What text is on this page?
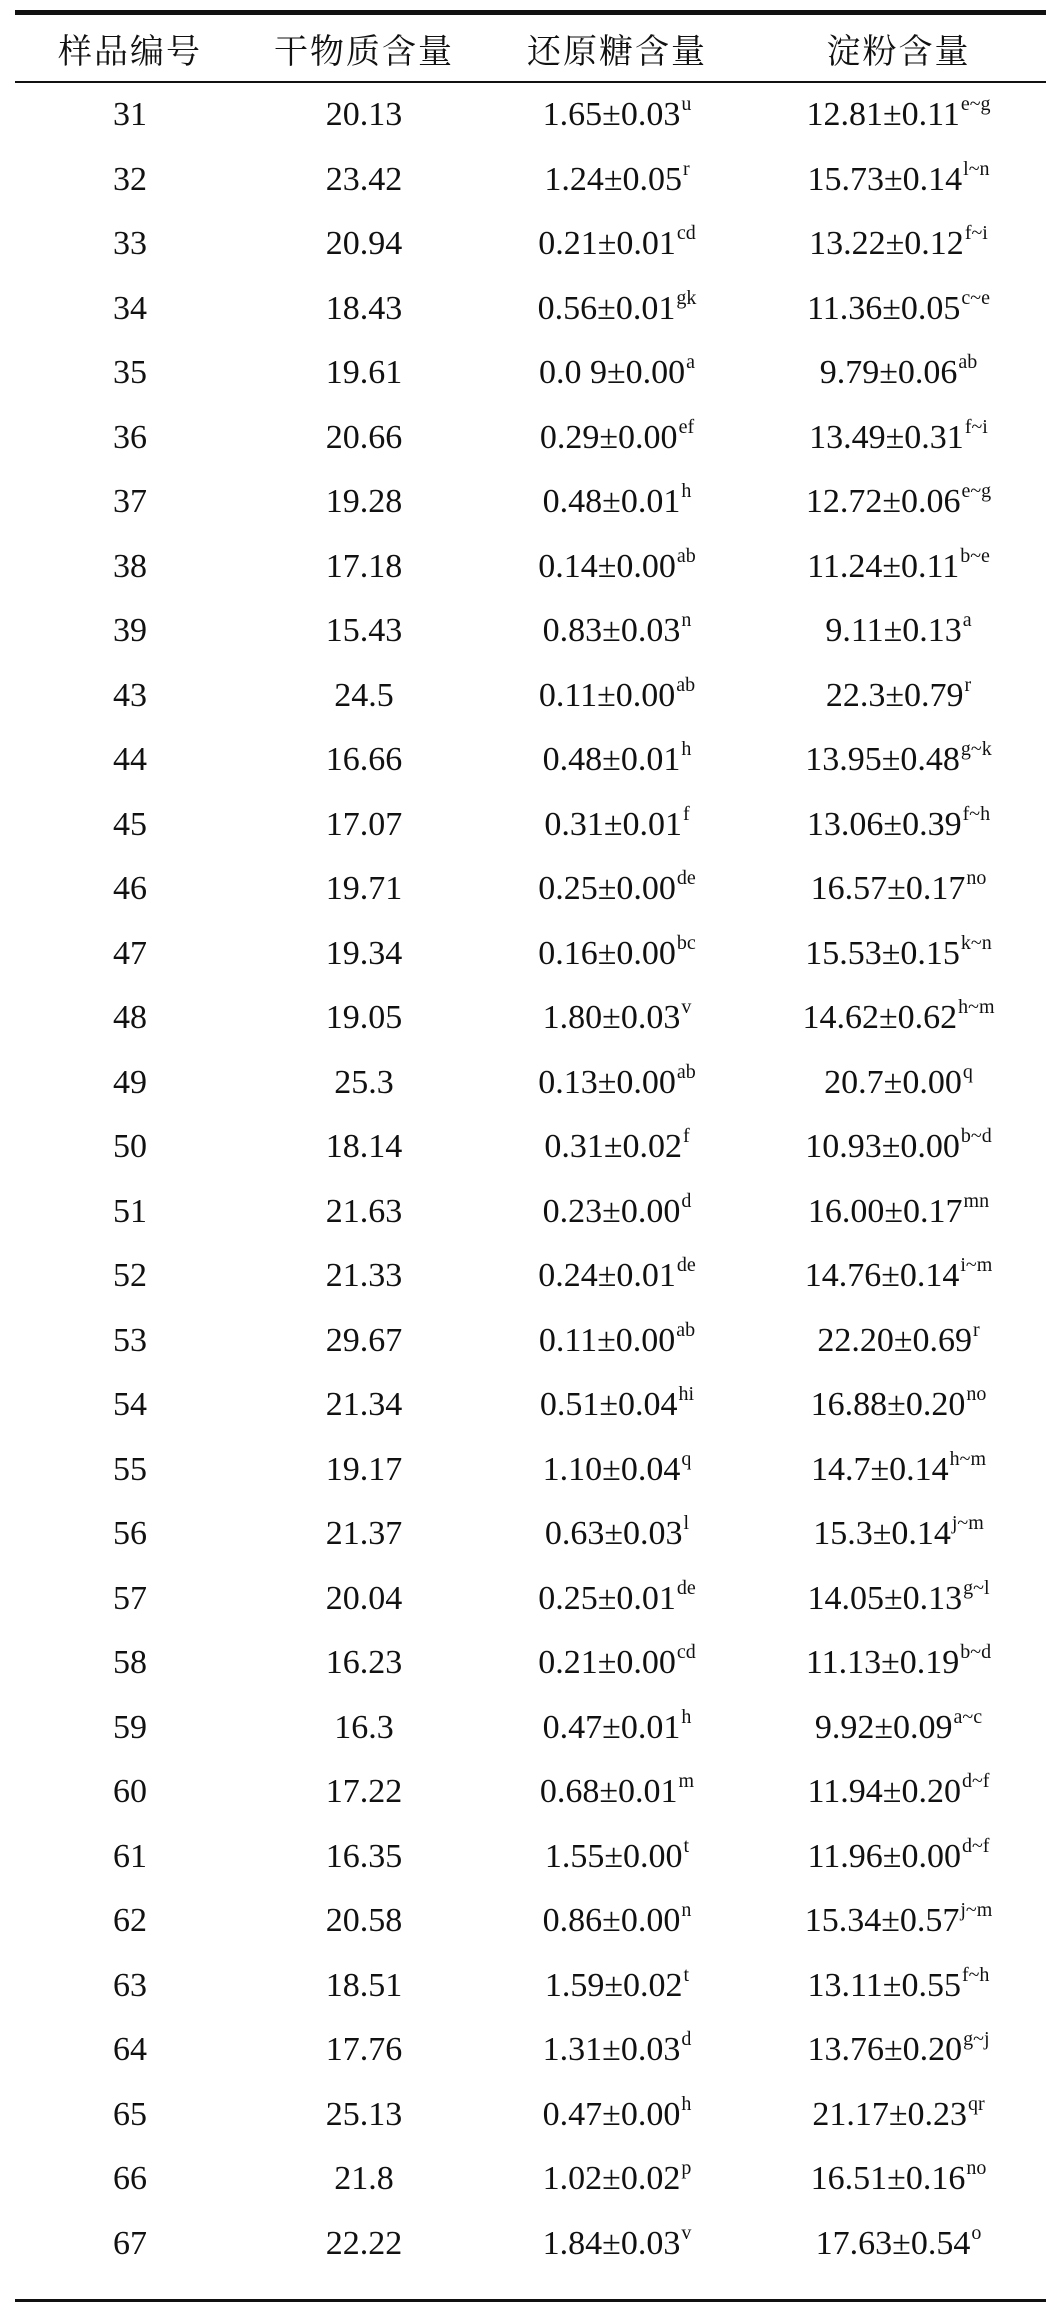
样品编号	干物质含量	还原糖含量	淀粉含量
31	20.13	$1.65\pm 0.03^u$	$12.81\pm 0.11^{e\sim g}$
32	23.42	$1.24\pm 0.05^r$	$15.73\pm 0.14^{l\sim n}$
33	20.94	0.21±0.01$^{cd}$	$13.22\pm 0.12^{f\sim i}$
34	18.43	$0.56\pm 0.01^{gk}$	$11.36\pm 0.05^{c\sim e}$
35	19.61	0.0 9±0.00$^a$	9.79±0.06$^{ab}$
36	20.66	0.29±0.00$^{ef}$	$13.49\pm 0.31^{f\sim i}$
37	19.28	0.48±0.01$^h$	$12.72\pm 0.06^{e\sim g}$
38	17.18	0.14±0.00$^{ab}$	$11.24\pm 0.11^{b\sim e}$
39	15.43	$0.83\pm 0.03^n$	9.11±0.13$^a$
43	24.5	0.11±0.00$^{ab}$	$22.3\pm 0.79^r$
44	16.66	0.48±0.01$^h$	$13.95\pm 0.48^{g\sim k}$
45	17.07	0.31±0.01$^f$	$13.06\pm 0.39^{f\sim h}$
46	19.71	0.25±0.00de	$16.57\pm 0.17^{no}$
47	19.34	0.16±0.00$^{bc}$	$15.53\pm 0.15^{k\sim n}$
48	19.05	$1.80\pm 0.03^v$	$14.62\pm 0.62^{h\sim m}$
49	25.3	0.13±0.00$^{ab}$	$20.7\pm 0.00^q$
50	18.14	0.31±0.02$^f$	$10.93\pm 0.00^{b\sim d}$
51	21.63	0.23±0.00$^d$	$16.00\pm 0.17^{mn}$
52	21.33	0.24±0.01de	$14.76\pm 0.14^{i\sim m}$
53	29.67	0.11±0.00$^{ab}$	$22.20\pm 0.69^r$
54	21.34	$0.51\pm 0.04^{hi}$	$16.88\pm 0.20^{no}$
55	19.17	$1.10\pm 0.04^q$	$14.7\pm 0.14^{h\sim m}$
56	21.37	$0.63\pm 0.03^l$	$15.3\pm 0.14^{j\sim m}$
57	20.04	0.25±0.01de	$14.05\pm 0.13^{g\sim l}$
58	16.23	0.21±0.00$^{cd}$	$11.13\pm 0.19^{b\sim d}$
59	16.3	0.47±0.01$^h$	$9.92\pm 0.09^{a\sim c}$
60	17.22	$0.68\pm 0.01^m$	$11.94\pm 0.20^{d\sim f}$
61	16.35	$1.55\pm 0.00^t$	$11.96\pm 0.00^{d\sim f}$
62	20.58	$0.86\pm 0.00^n$	$15.34\pm 0.57^{j\sim m}$
63	18.51	$1.59\pm 0.02^t$	$13.11\pm 0.55^{f\sim h}$
64	17.76	1.31±0.03$^d$	$13.76\pm 0.20^{g\sim j}$
65	25.13	0.47±0.00$^h$	$21.17\pm 0.23^{qr}$
66	21.8	$1.02\pm 0.02^p$	$16.51\pm 0.16^{no}$
67	22.22	$1.84\pm 0.03^v$	$17.63\pm 0.54^o$
